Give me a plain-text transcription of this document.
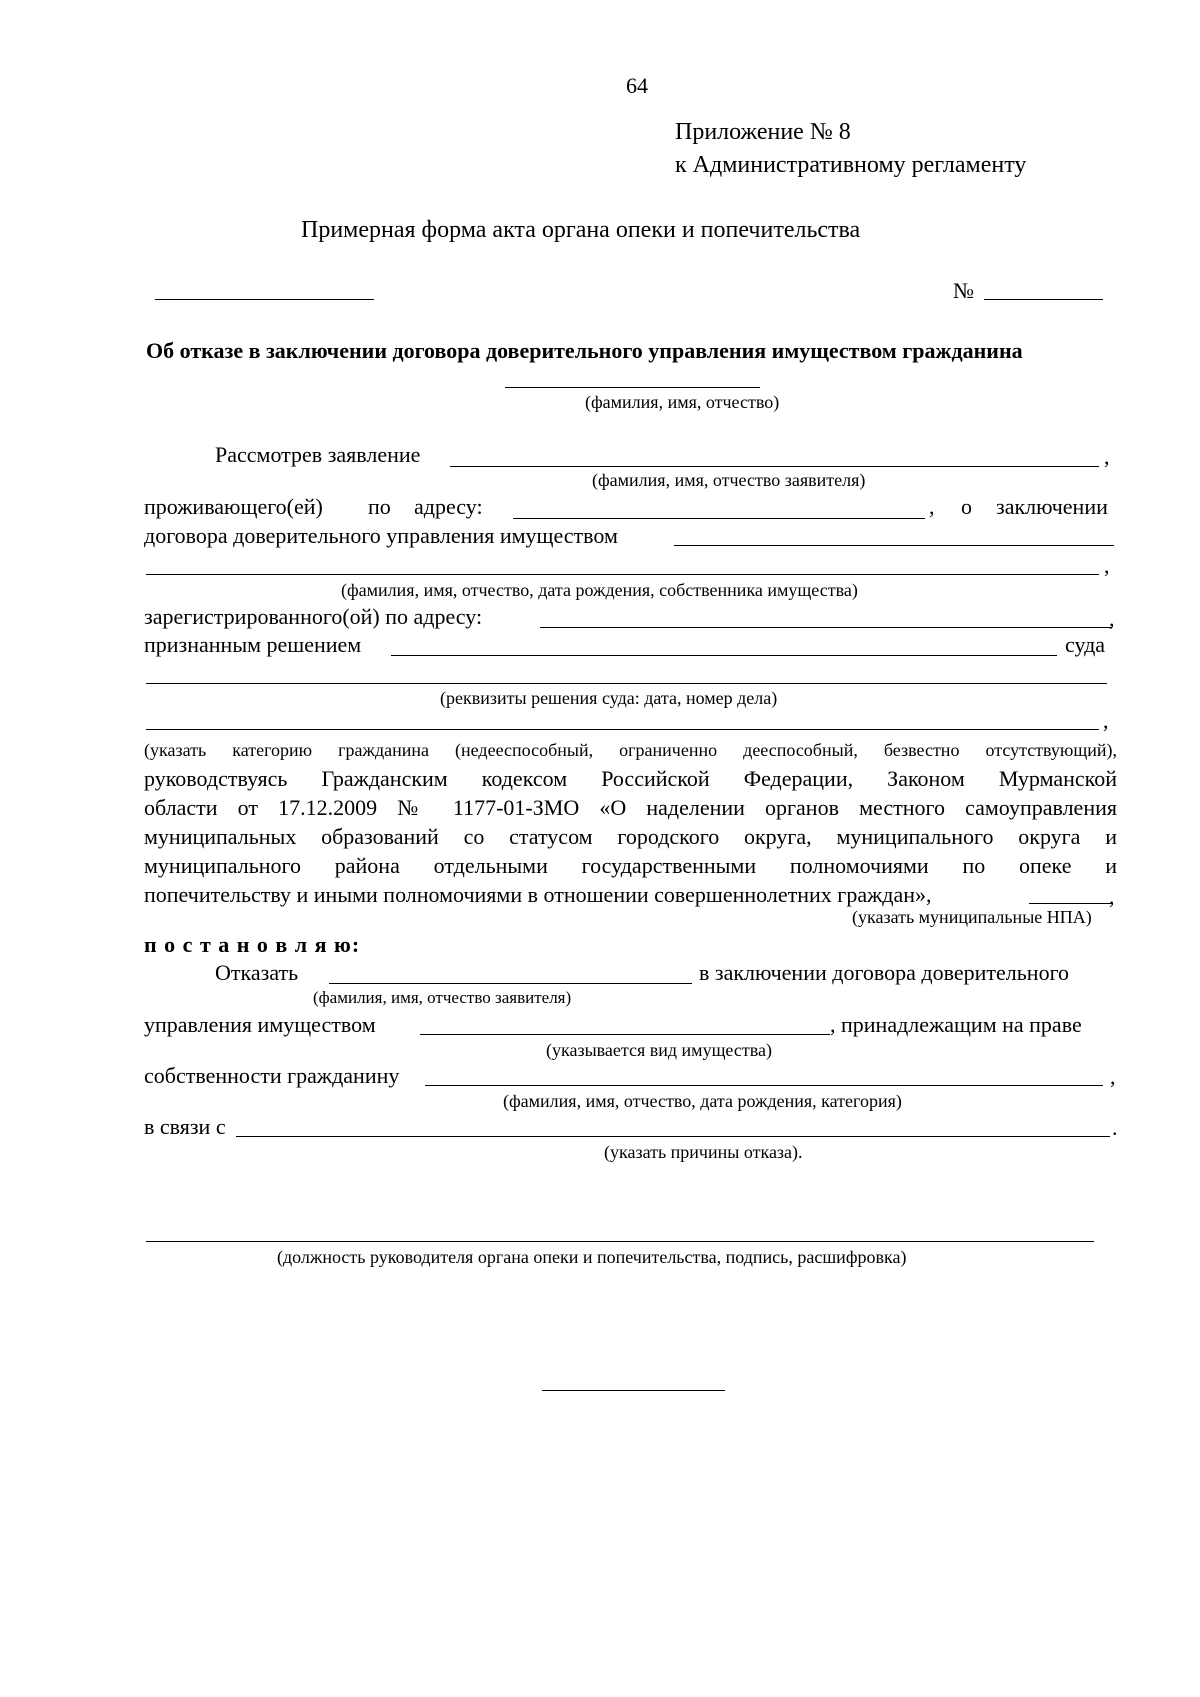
64
Приложение № 8
к Административному регламенту
Примерная форма акта органа опеки и попечительства
№
Об отказе в заключении договора доверительного управления имуществом гражданина
(фамилия, имя, отчество)
Рассмотрев заявление	,
(фамилия, имя, отчество заявителя)
проживающего(ей) по адресу:	, о заключении
договора доверительного управления имуществом
,
(фамилия, имя, отчество, дата рождения, собственника имущества)
зарегистрированного(ой) по адресу:	,
признанным решением	суда
(реквизиты решения суда: дата, номер дела)
,
(указать категорию гражданина (недееспособный, ограниченно дееспособный, безвестно отсутствующий),
руководствуясь Гражданским кодексом Российской Федерации, Законом Мурманской
области от 17.12.2009 № 1177-01-ЗМО «О наделении органов местного самоуправления
муниципальных образований со статусом городского округа, муниципального округа и
муниципального района отдельными государственными полномочиями по опеке и
попечительству и иными полномочиями в отношении совершеннолетних граждан»,	,
(указать муниципальные НПА)
п о с т а н о в л я ю:
Отказать	в заключении договора доверительного
(фамилия, имя, отчество заявителя)
управления имуществом	, принадлежащим на праве
(указывается вид имущества)
собственности гражданину	,
(фамилия, имя, отчество, дата рождения, категория)
в связи с	.
(указать причины отказа).
(должность руководителя органа опеки и попечительства, подпись, расшифровка)
